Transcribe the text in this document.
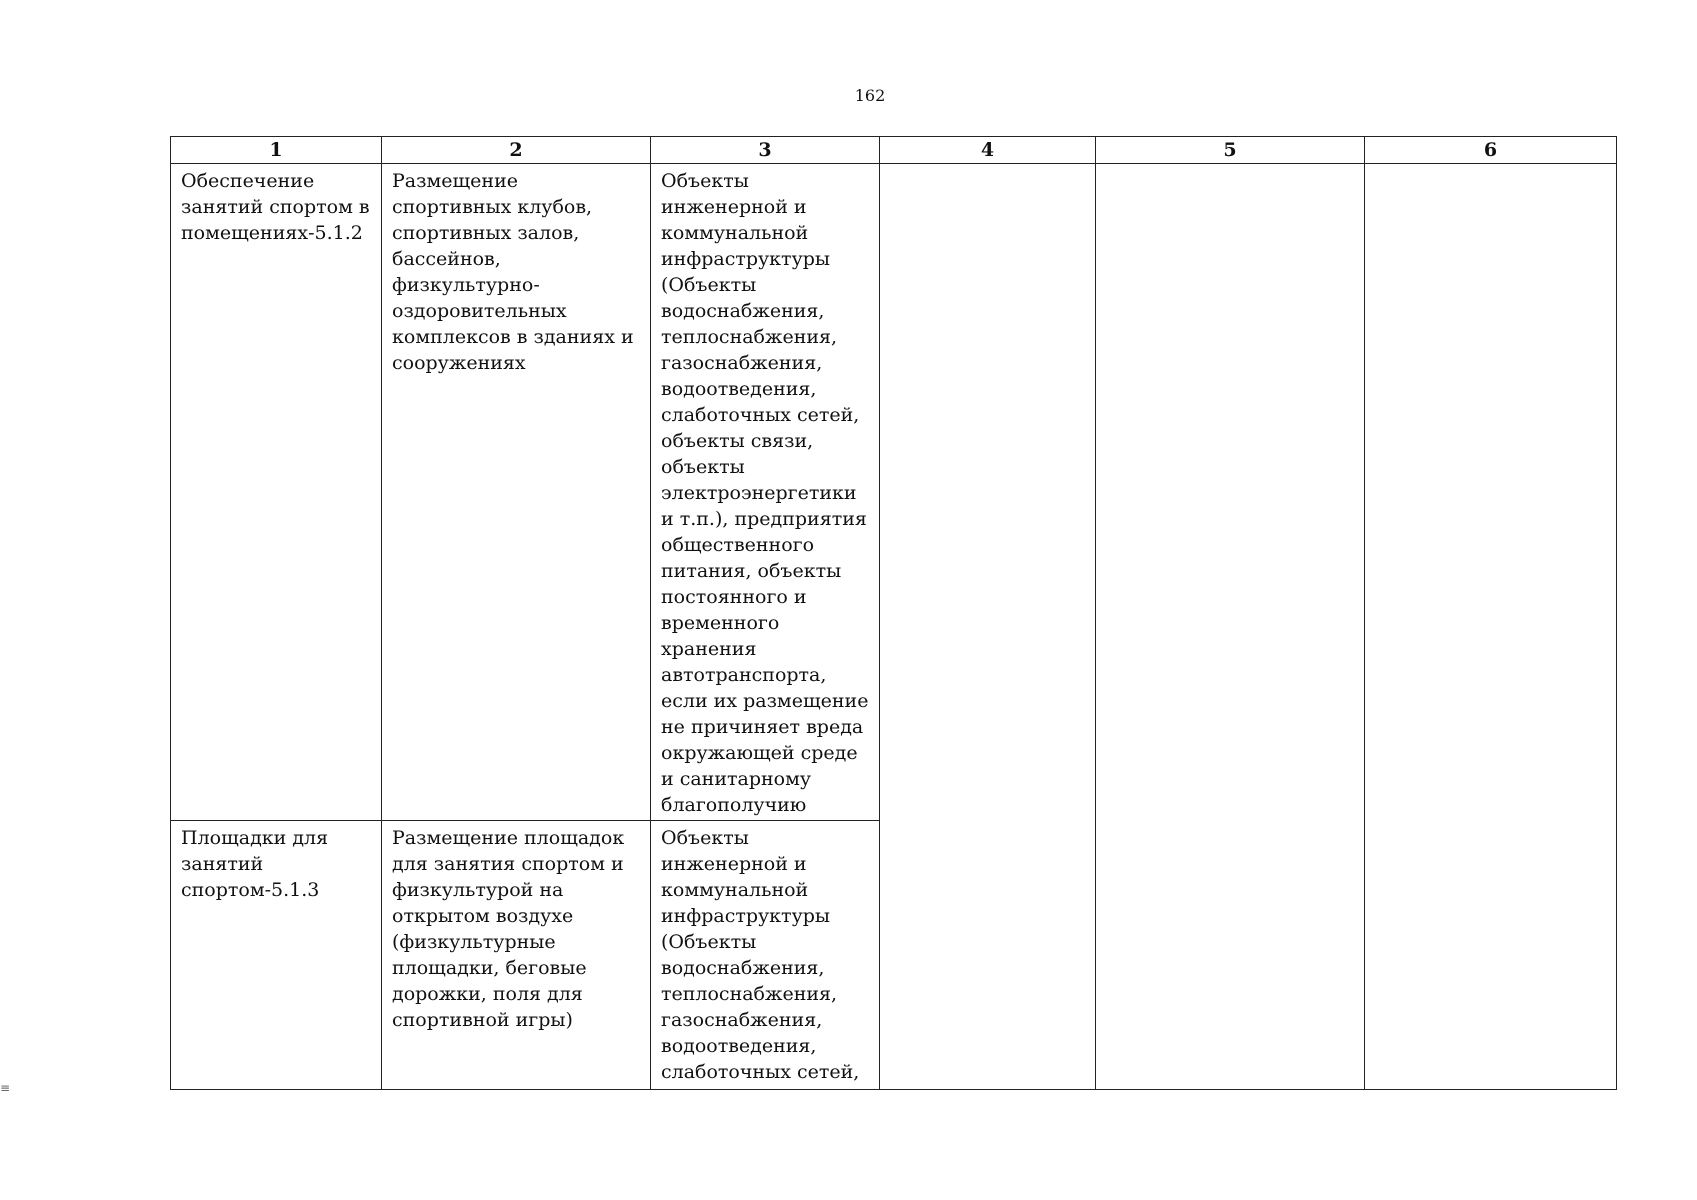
162
1	2	3	4	5	6
Обеспечение занятий спортом в помещениях-5.1.2	Размещение спортивных клубов, спортивных залов, бассейнов, физкультурно-оздоровительных комплексов в зданиях и сооружениях	Объекты инженерной и коммунальной инфраструктуры (Объекты водоснабжения, теплоснабжения, газоснабжения, водоотведения, слаботочных сетей, объекты связи, объекты электроэнергетики и т.п.), предприятия общественного питания, объекты постоянного и временного хранения автотранспорта, если их размещение не причиняет вреда окружающей среде и санитарному благополучию			
Площадки для занятий спортом-5.1.3	Размещение площадок для занятия спортом и физкультурой на открытом воздухе (физкультурные площадки, беговые дорожки, поля для спортивной игры)	Объекты инженерной и коммунальной инфраструктуры (Объекты водоснабжения, теплоснабжения, газоснабжения, водоотведения, слаботочных сетей,			
≡
